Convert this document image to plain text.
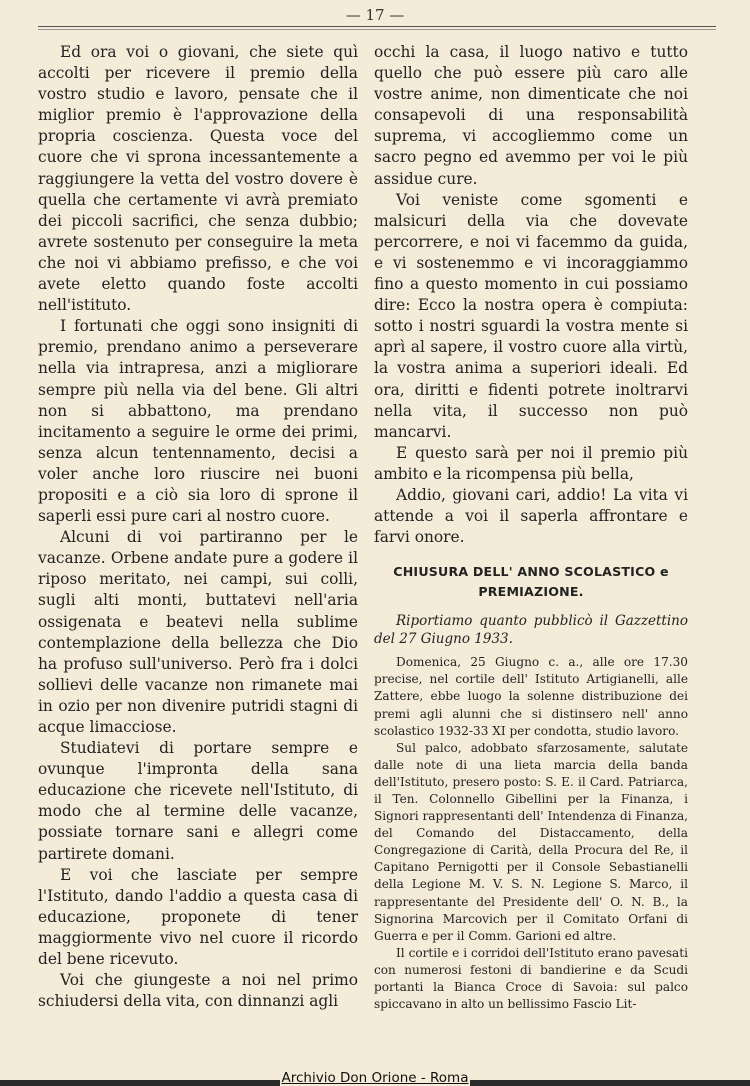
— 17 —

Ed ora voi o giovani, che siete quì accolti per ricevere il premio della vostro studio e lavoro, pensate che il miglior premio è l'approvazione della propria coscienza. Questa voce del cuore che vi sprona incessantemente a raggiungere la vetta del vostro dovere è quella che certamente vi avrà premiato dei piccoli sacrifici, che senza dubbio; avrete sostenuto per conseguire la meta che noi vi abbiamo prefisso, e che voi avete eletto quando foste accolti nell'istituto.

I fortunati che oggi sono insigniti di premio, prendano animo a perseverare nella via intrapresa, anzi a migliorare sempre più nella via del bene. Gli altri non si abbattono, ma prendano incitamento a seguire le orme dei primi, senza alcun tentennamento, decisi a voler anche loro riuscire nei buoni propositi e a ciò sia loro di sprone il saperli essi pure cari al nostro cuore.

Alcuni di voi partiranno per le vacanze. Orbene andate pure a godere il riposo meritato, nei campi, sui colli, sugli alti monti, buttatevi nell'aria ossigenata e beatevi nella sublime contemplazione della bellezza che Dio ha profuso sull'universo. Però fra i dolci sollievi delle vacanze non rimanete mai in ozio per non divenire putridi stagni di acque limacciose.

Studiatevi di portare sempre e ovunque l'impronta della sana educazione che ricevete nell'Istituto, di modo che al termine delle vacanze, possiate tornare sani e allegri come partirete domani.

E voi che lasciate per sempre l'Istituto, dando l'addio a questa casa di educazione, proponete di tener maggiormente vivo nel cuore il ricordo del bene ricevuto.

Voi che giungeste a noi nel primo schiudersi della vita, con dinnanzi agli

occhi la casa, il luogo nativo e tutto quello che può essere più caro alle vostre anime, non dimenticate che noi consapevoli di una responsabilità suprema, vi accogliemmo come un sacro pegno ed avemmo per voi le più assidue cure.

Voi veniste come sgomenti e malsicuri della via che dovevate percorrere, e noi vi facemmo da guida, e vi sostenemmo e vi incoraggiammo fino a questo momento in cui possiamo dire: Ecco la nostra opera è compiuta: sotto i nostri sguardi la vostra mente si aprì al sapere, il vostro cuore alla virtù, la vostra anima a superiori ideali. Ed ora, diritti e fidenti potrete inoltrarvi nella vita, il successo non può mancarvi.

E questo sarà per noi il premio più ambito e la ricompensa più bella,

Addio, giovani cari, addio! La vita vi attende a voi il saperla affrontare e farvi onore.

CHIUSURA DELL' ANNO SCOLASTICO e PREMIAZIONE.

Riportiamo quanto pubblicò il Gazzettino del 27 Giugno 1933.

Domenica, 25 Giugno c. a., alle ore 17.30 precise, nel cortile dell' Istituto Artigianelli, alle Zattere, ebbe luogo la solenne distribuzione dei premi agli alunni che si distinsero nell' anno scolastico 1932-33 XI per condotta, studio lavoro.

Sul palco, adobbato sfarzosamente, salutate dalle note di una lieta marcia della banda dell'Istituto, presero posto: S. E. il Card. Patriarca, il Ten. Colonnello Gibellini per la Finanza, i Signori rappresentanti dell' Intendenza di Finanza, del Comando del Distaccamento, della Congregazione di Carità, della Procura del Re, il Capitano Pernigotti per il Console Sebastianelli della Legione M. V. S. N. Legione S. Marco, il rappresentante del Presidente dell' O. N. B., la Signorina Marcovich per il Comitato Orfani di Guerra e per il Comm. Garioni ed altre.

Il cortile e i corridoi dell'Istituto erano pavesati con numerosi festoni di bandierine e da Scudi portanti la Bianca Croce di Savoia: sul palco spiccavano in alto un bellissimo Fascio Lit-

Archivio Don Orione - Roma
